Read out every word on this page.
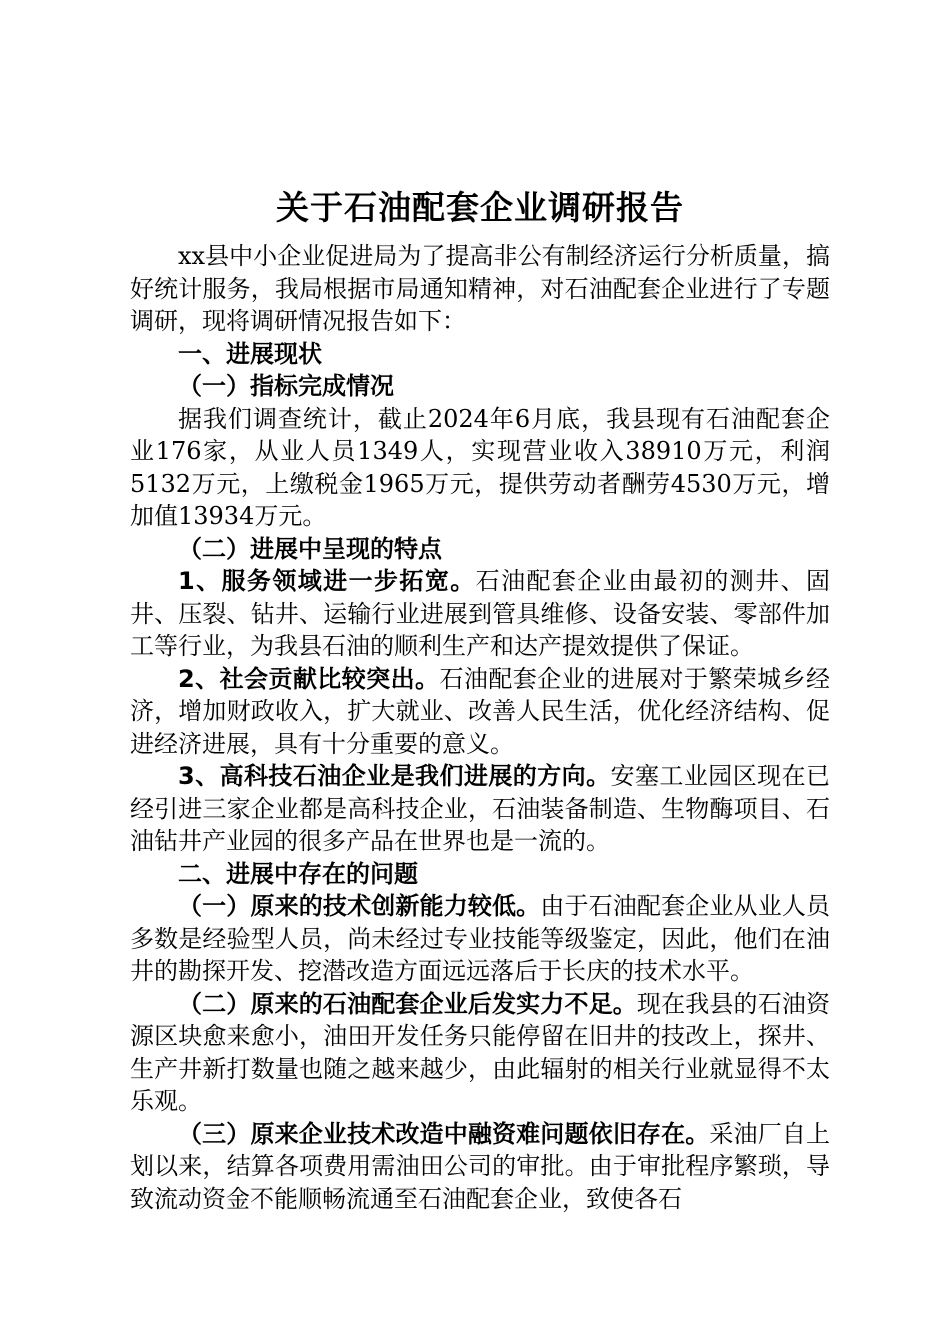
关于石油配套企业调研报告

xx县中小企业促进局为了提高非公有制经济运行分析质量，搞好统计服务，我局根据市局通知精神，对石油配套企业进行了专题调研，现将调研情况报告如下：

一、进展现状

（一）指标完成情况

据我们调查统计，截止2024年6月底，我县现有石油配套企业176家，从业人员1349人，实现营业收入38910万元，利润5132万元，上缴税金1965万元，提供劳动者酬劳4530万元，增加值13934万元。

（二）进展中呈现的特点

1、服务领域进一步拓宽。石油配套企业由最初的测井、固井、压裂、钻井、运输行业进展到管具维修、设备安装、零部件加工等行业，为我县石油的顺利生产和达产提效提供了保证。

2、社会贡献比较突出。石油配套企业的进展对于繁荣城乡经济，增加财政收入，扩大就业、改善人民生活，优化经济结构、促进经济进展，具有十分重要的意义。

3、高科技石油企业是我们进展的方向。安塞工业园区现在已经引进三家企业都是高科技企业，石油装备制造、生物酶项目、石油钻井产业园的很多产品在世界也是一流的。

二、进展中存在的问题

（一）原来的技术创新能力较低。由于石油配套企业从业人员多数是经验型人员，尚未经过专业技能等级鉴定，因此，他们在油井的勘探开发、挖潜改造方面远远落后于长庆的技术水平。

（二）原来的石油配套企业后发实力不足。现在我县的石油资源区块愈来愈小，油田开发任务只能停留在旧井的技改上，探井、生产井新打数量也随之越来越少，由此辐射的相关行业就显得不太乐观。

（三）原来企业技术改造中融资难问题依旧存在。采油厂自上划以来，结算各项费用需油田公司的审批。由于审批程序繁琐，导致流动资金不能顺畅流通至石油配套企业，致使各石
